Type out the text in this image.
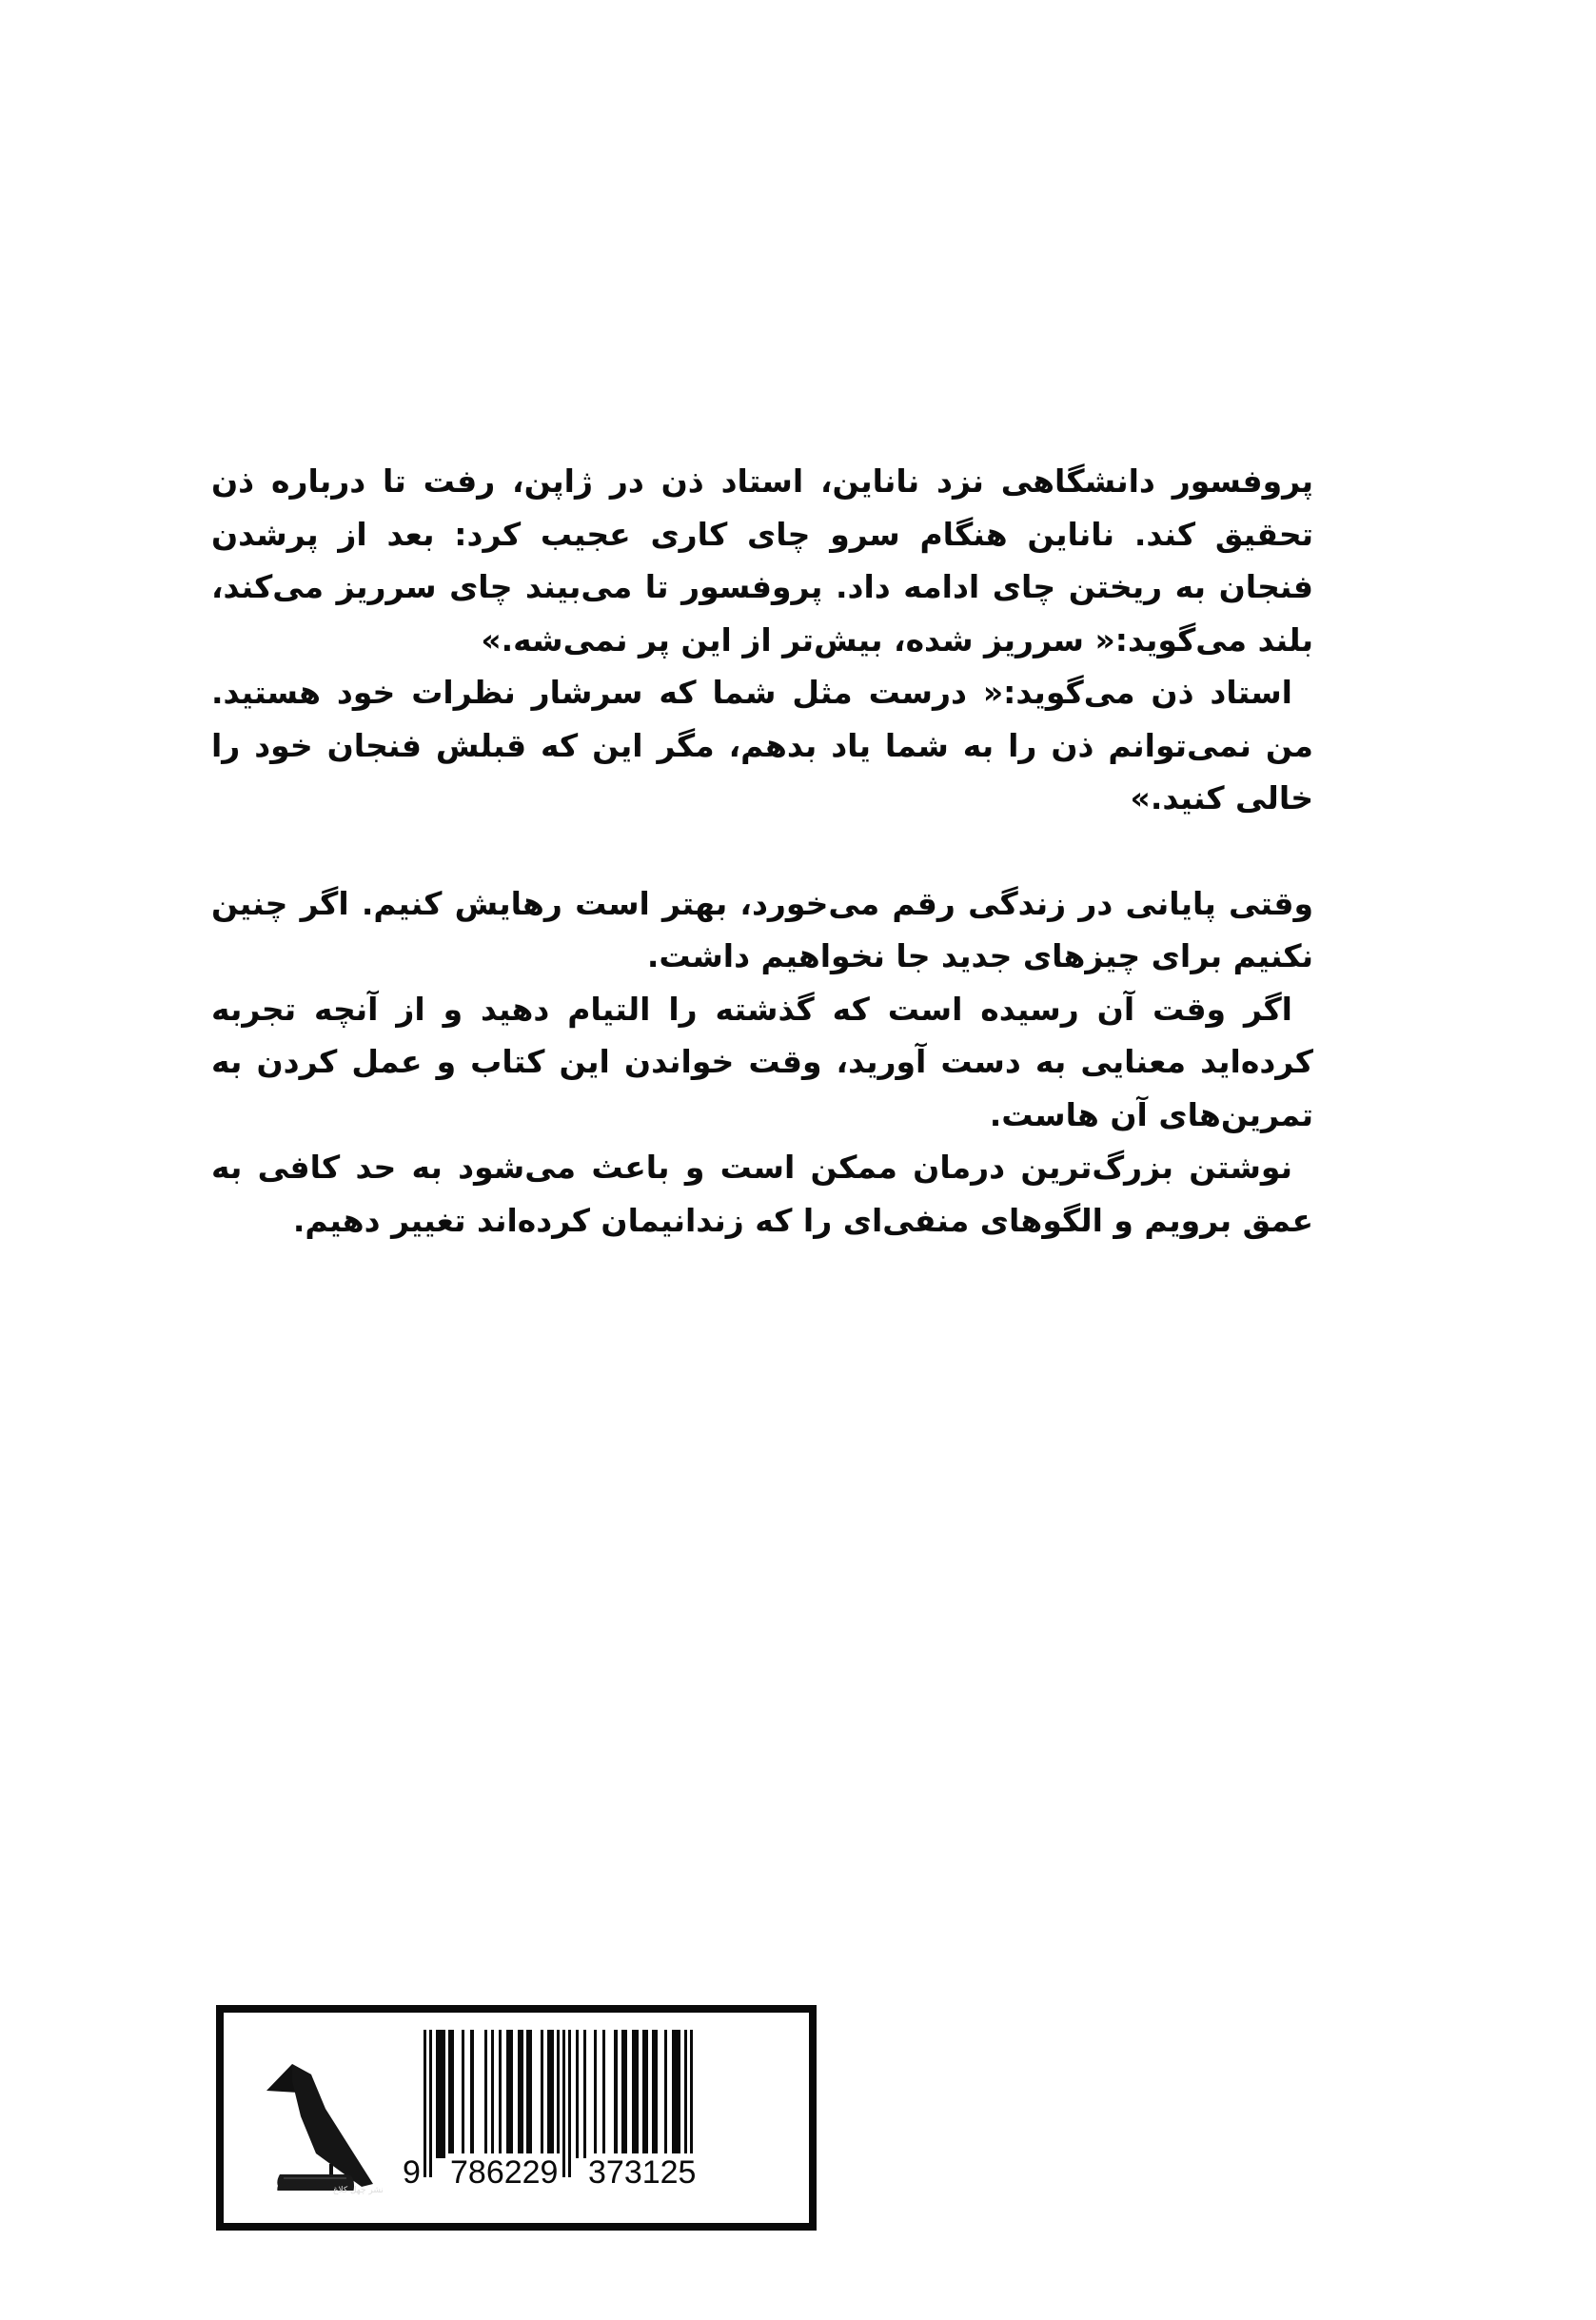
پروفسور دانشگاهی نزد ناناین، استاد ذن در ژاپن، رفت تا درباره ذن تحقیق کند. ناناین هنگام سرو چای کاری عجیب کرد: بعد از پرشدن فنجان به ریختن چای ادامه داد. پروفسور تا می‌بیند چای سرریز می‌کند، بلند می‌گوید:« سرریز شده، بیش‌تر از این پر نمی‌شه.»

استاد ذن می‌گوید:« درست مثل شما که سرشار نظرات خود هستید. من نمی‌توانم ذن را به شما یاد بدهم، مگر این که قبلش فنجان خود را خالی کنید.»

وقتی پایانی در زندگی رقم می‌خورد، بهتر است رهایش کنیم. اگر چنین نکنیم برای چیزهای جدید جا نخواهیم داشت.

اگر وقت آن رسیده است که گذشته را التیام دهید و از آنچه تجربه کرده‌اید معنایی به دست آورید، وقت خواندن این کتاب و عمل کردن به تمرین‌های آن هاست.

نوشتن بزرگ‌ترین درمان ممکن است و باعث می‌شود به حد کافی به عمق برویم و الگوهای منفی‌ای را که زندانیمان کرده‌اند تغییر دهیم.

نشر چهل کلاغ 9 786229 373125
